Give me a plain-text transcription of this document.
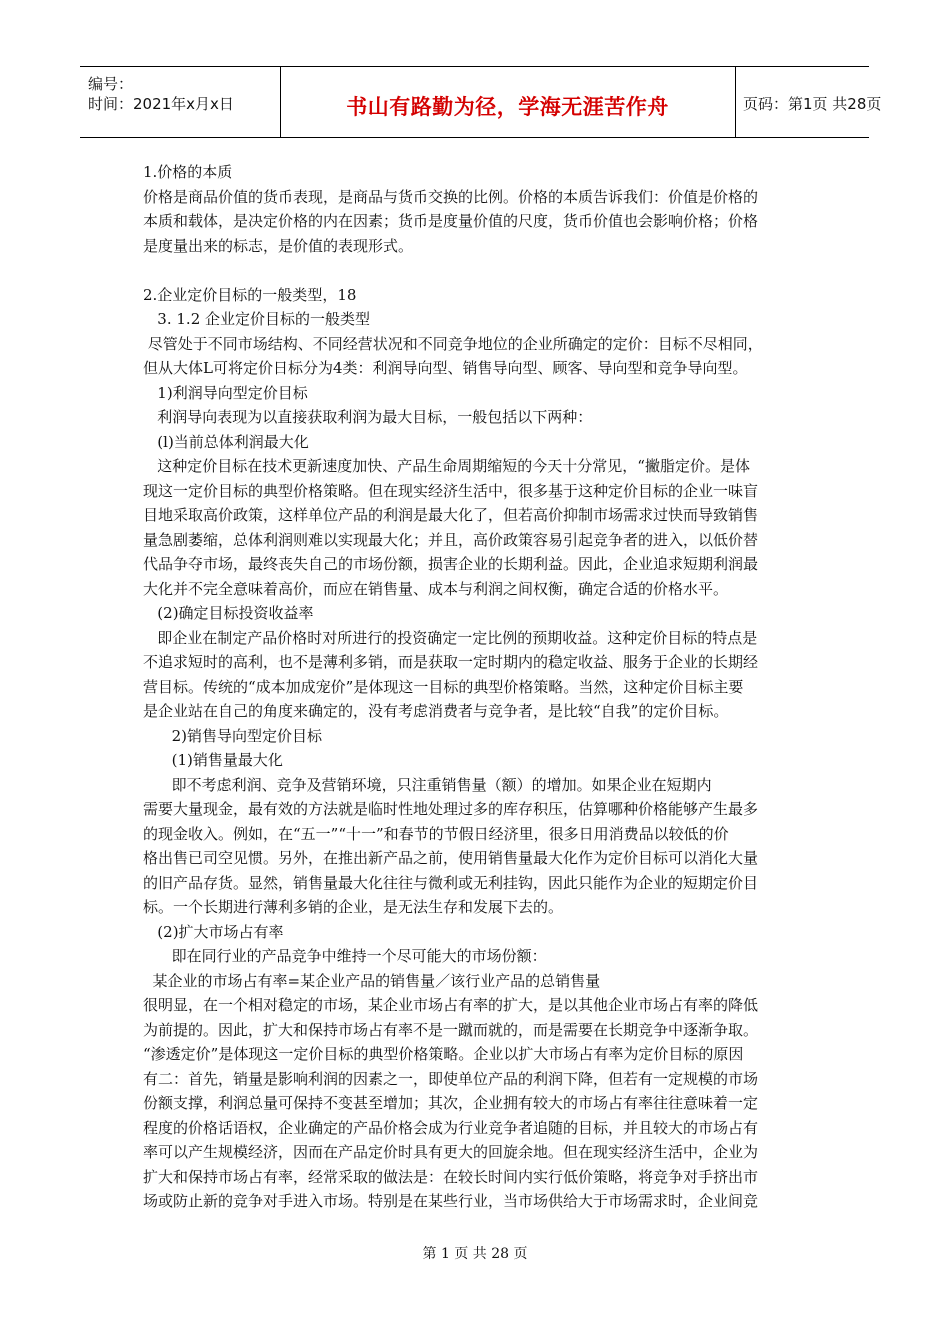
编号：
时间：2021年x月x日	书山有路勤为径，学海无涯苦作舟	页码：第1页 共28页
1.价格的本质
价格是商品价值的货币表现，是商品与货币交换的比例。价格的本质告诉我们：价值是价格的
本质和载体，是决定价格的内在因素；货币是度量价值的尺度，货币价值也会影响价格；价格
是度量出来的标志，是价值的表现形式。
2.企业定价目标的一般类型，18
3. 1.2 企业定价目标的一般类型
尽管处于不同市场结构、不同经营状况和不同竞争地位的企业所确定的定价：目标不尽相同，
但从大体L可将定价日标分为4类：利润导向型、销售导向型、顾客、导向型和竞争导向型。
1)利润导向型定价目标
利润导向表现为以直接获取利润为最大目标，一般包括以下两种：
(l)当前总体利润最大化
这种定价目标在技术更新速度加快、产品生命周期缩短的今天十分常见，“撇脂定价。是体
现这一定价目标的典型价格策略。但在现实经济生活中，很多基于这种定价目标的企业一味盲
目地采取高价政策，这样单位产品的利润是最大化了，但若高价抑制市场需求过快而导致销售
量急剧萎缩，总体利润则难以实现最大化；并且，高价政策容易引起竞争者的进入，以低价替
代品争夺市场，最终丧失自己的市场份额，损害企业的长期利益。因此，企业追求短期利润最
大化并不完全意味着高价，而应在销售量、成本与利润之间权衡，确定合适的价格水平。
(2)确定目标投资收益率
即企业在制定产品价格时对所进行的投资确定一定比例的预期收益。这种定价目标的特点是
不追求短时的高利，也不是薄利多销，而是获取一定时期内的稳定收益、服务于企业的长期经
营目标。传统的“成本加成宠价”是体现这一目标的典型价格策略。当然，这种定价目标主要
是企业站在自己的角度来确定的，没有考虑消费者与竞争者，是比较“自我”的定价目标。
2)销售导向型定价目标
(1)销售量最大化
即不考虑利润、竞争及营销环境，只注重销售量（额）的增加。如果企业在短期内
需要大量现金，最有效的方法就是临时性地处理过多的库存积压，估算哪种价格能够产生最多
的现金收入。例如，在“五一”“十一”和春节的节假日经济里，很多日用消费品以较低的价
格出售已司空见惯。另外，在推出新产品之前，使用销售量最大化作为定价目标可以消化大量
的旧产品存货。显然，销售量最大化往往与微利或无利挂钩，因此只能作为企业的短期定价目
标。一个长期进行薄利多销的企业，是无法生存和发展下去的。
(2)扩大市场占有率
即在同行业的产品竞争中维持一个尽可能大的市场份额：
某企业的市场占有率=某企业产品的销售量／该行业产品的总销售量
很明显，在一个相对稳定的市场，某企业市场占有率的扩大，是以其他企业市场占有率的降低
为前提的。因此，扩大和保持市场占有率不是一蹴而就的，而是需要在长期竞争中逐渐争取。
“渗透定价”是体现这一定价目标的典型价格策略。企业以扩大市场占有率为定价目标的原因
有二：首先，销量是影响利润的因素之一，即使单位产品的利润下降，但若有一定规模的市场
份额支撑，利润总量可保持不变甚至增加；其次，企业拥有较大的市场占有率往往意味着一定
程度的价格话语权，企业确定的产品价格会成为行业竞争者追随的目标，并且较大的市场占有
率可以产生规模经济，因而在产品定价时具有更大的回旋余地。但在现实经济生活中，企业为
扩大和保持市场占有率，经常采取的做法是：在较长时间内实行低价策略，将竞争对手挤出市
场或防止新的竞争对手进入市场。特别是在某些行业，当市场供给大于市场需求时，企业间竞
第 1 页 共 28 页
